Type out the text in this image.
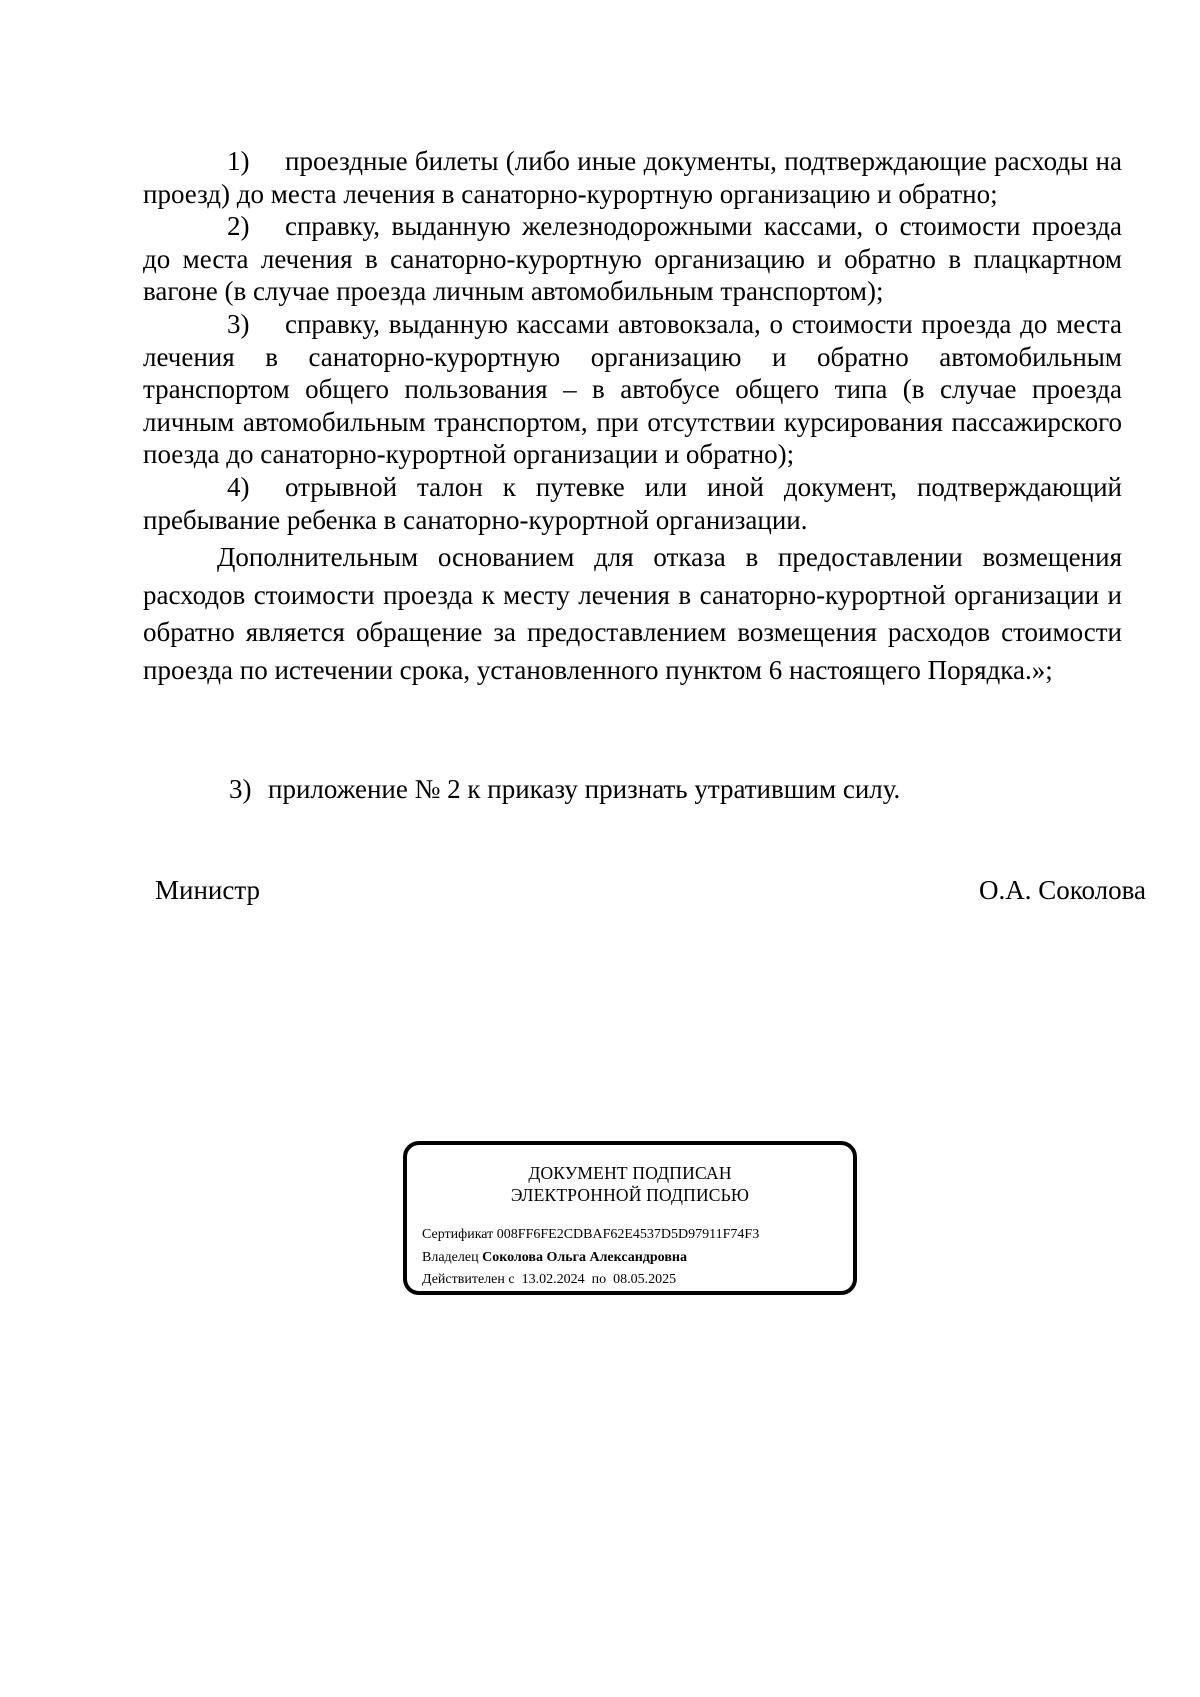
1) проездные билеты (либо иные документы, подтверждающие расходы на проезд) до места лечения в санаторно-курортную организацию и обратно;

2) справку, выданную железнодорожными кассами, о стоимости проезда до места лечения в санаторно-курортную организацию и обратно в плацкартном вагоне (в случае проезда личным автомобильным транспортом);

3) справку, выданную кассами автовокзала, о стоимости проезда до места лечения в санаторно-курортную организацию и обратно автомобильным транспортом общего пользования – в автобусе общего типа (в случае проезда личным автомобильным транспортом, при отсутствии курсирования пассажирского поезда до санаторно-курортной организации и обратно);

4) отрывной талон к путевке или иной документ, подтверждающий пребывание ребенка в санаторно-курортной организации.

Дополнительным основанием для отказа в предоставлении возмещения расходов стоимости проезда к месту лечения в санаторно-курортной организации и обратно является обращение за предоставлением возмещения расходов стоимости проезда по истечении срока, установленного пунктом 6 настоящего Порядка.»;

3) приложение № 2 к приказу признать утратившим силу.
Министр	О.А. Соколова
ДОКУМЕНТ ПОДПИСАН
ЭЛЕКТРОННОЙ ПОДПИСЬЮ
Сертификат 008FF6FE2CDBAF62E4537D5D97911F74F3
Владелец Соколова Ольга Александровна
Действителен с 13.02.2024 по 08.05.2025
